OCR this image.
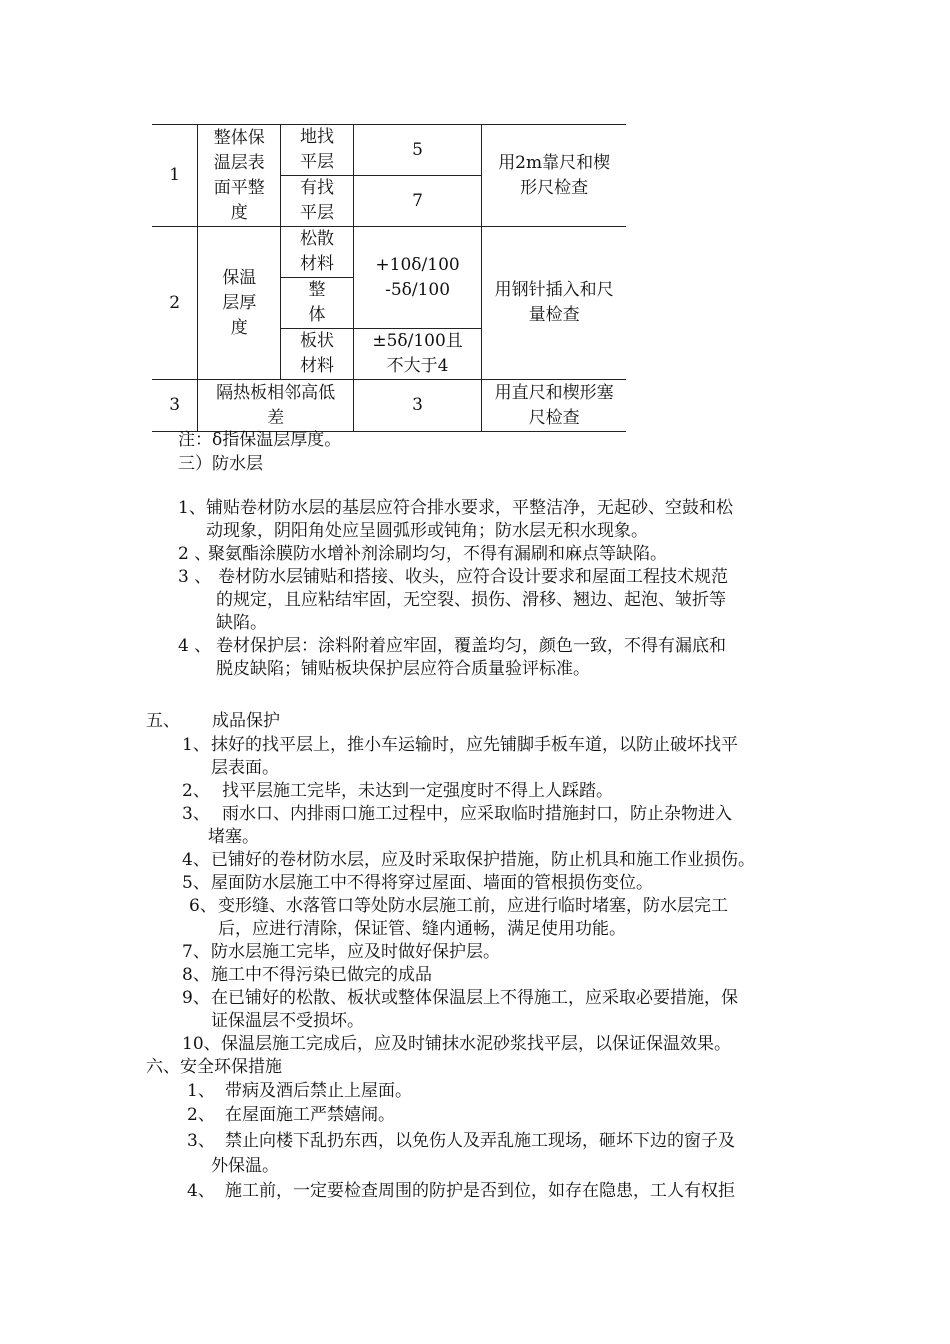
1	整体保温层表面平整度	地找平层	5	用2m靠尺和楔形尺检查
		有找平层	7	
2	保温层厚度	松散材料	+10δ/100 -5δ/100	用钢针插入和尺量检查
		整体		
		板状材料	±5δ/100且不大于4	
3	隔热板相邻高低差		3	用直尺和楔形塞尺检查
注：δ指保温层厚度。
三）防水层
1、 铺贴卷材防水层的基层应符合排水要求，平整洁净，无起砂、空鼓和松
动现象，阴阳角处应呈圆弧形或钝角；防水层无积水现象。
2 、
聚氨酯涂膜防水增补剂涂刷均匀，不得有漏刷和麻点等缺陷。
3 、 卷材防水层铺贴和搭接、收头，应符合设计要求和屋面工程技术规范
的规定，且应粘结牢固，无空裂、损伤、滑移、翘边、起泡、皱折等
缺陷。
4 、 卷材保护层：涂料附着应牢固，覆盖均匀，颜色一致，不得有漏底和
脱皮缺陷；铺贴板块保护层应符合质量验评标准。
五、 成品保护
1、 抹好的找平层上，推小车运输时，应先铺脚手板车道，以防止破坏找平
层表面。
2、 找平层施工完毕，未达到一定强度时不得上人踩踏。
3、 雨水口、内排雨口施工过程中，应采取临时措施封口，防止杂物进入
堵塞。
4、 已铺好的卷材防水层，应及时采取保护措施，防止机具和施工作业损伤。
5、 屋面防水层施工中不得将穿过屋面、墙面的管根损伤变位。
6、 变形缝、水落管口等处防水层施工前，应进行临时堵塞，防水层完工
后，应进行清除，保证管、缝内通畅，满足使用功能。
7、 防水层施工完毕，应及时做好保护层。
8、 施工中不得污染已做完的成品
9、 在已铺好的松散、板状或整体保温层上不得施工，应采取必要措施，保
证保温层不受损坏。
10、 保温层施工完成后，应及时铺抹水泥砂浆找平层，以保证保温效果。
六、安全环保措施
1、 带病及酒后禁止上屋面。
2、 在屋面施工严禁嬉闹。
3、 禁止向楼下乱扔东西，以免伤人及弄乱施工现场，砸坏下边的窗子及
外保温。
4、 施工前，一定要检查周围的防护是否到位，如存在隐患，工人有权拒
